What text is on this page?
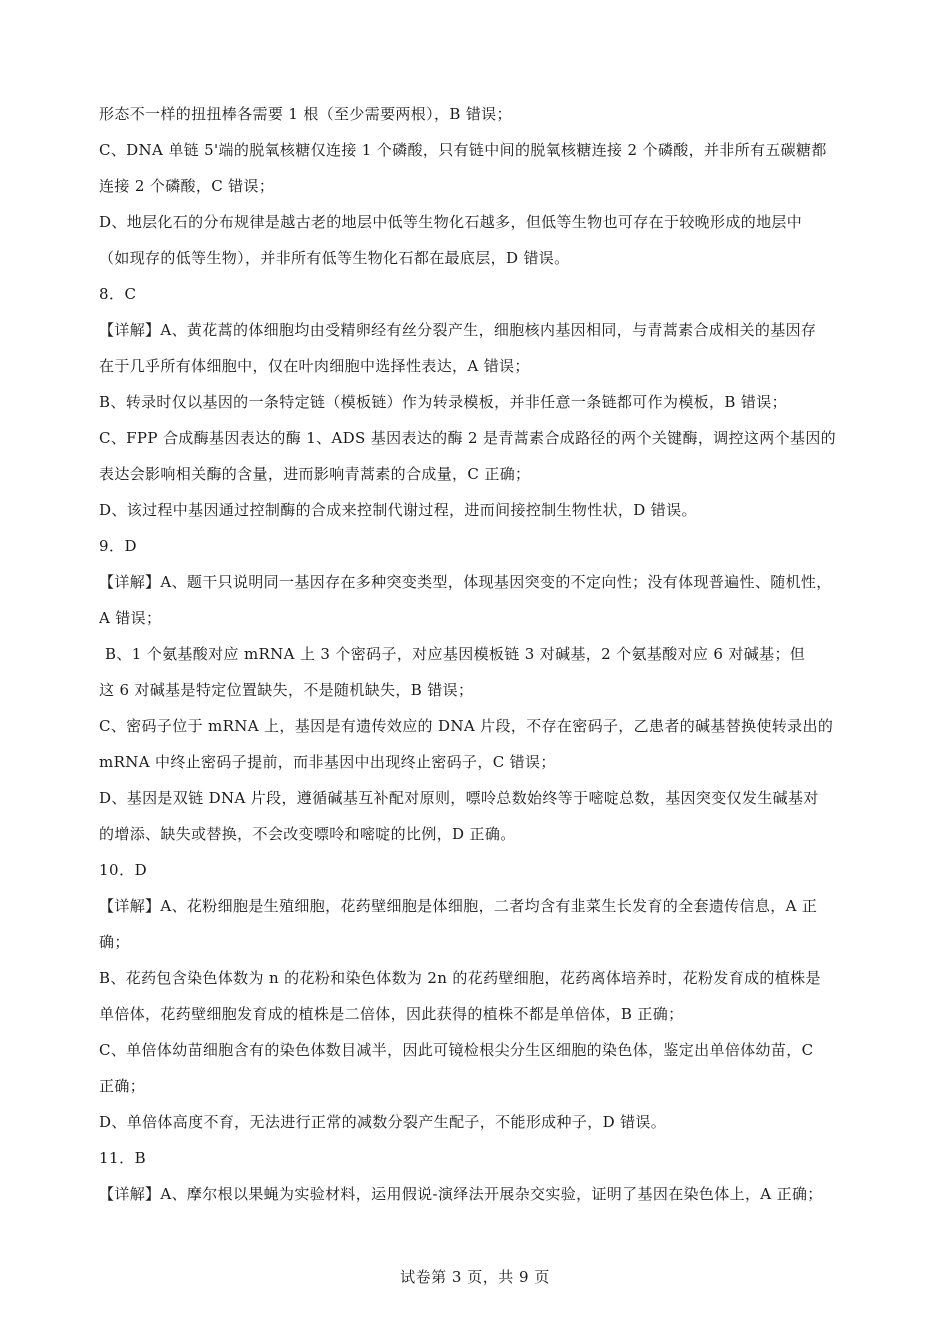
形态不一样的扭扭棒各需要 1 根（至少需要两根），B 错误；
C、DNA 单链 5'端的脱氧核糖仅连接 1 个磷酸，只有链中间的脱氧核糖连接 2 个磷酸，并非所有五碳糖都
连接 2 个磷酸，C 错误；
D、地层化石的分布规律是越古老的地层中低等生物化石越多，但低等生物也可存在于较晚形成的地层中
（如现存的低等生物），并非所有低等生物化石都在最底层，D 错误。
8．C
【详解】A、黄花蒿的体细胞均由受精卵经有丝分裂产生，细胞核内基因相同，与青蒿素合成相关的基因存
在于几乎所有体细胞中，仅在叶肉细胞中选择性表达，A 错误；
B、转录时仅以基因的一条特定链（模板链）作为转录模板，并非任意一条链都可作为模板，B 错误；
C、FPP 合成酶基因表达的酶 1、ADS 基因表达的酶 2 是青蒿素合成路径的两个关键酶，调控这两个基因的
表达会影响相关酶的含量，进而影响青蒿素的合成量，C 正确；
D、该过程中基因通过控制酶的合成来控制代谢过程，进而间接控制生物性状，D 错误。
9．D
【详解】A、题干只说明同一基因存在多种突变类型，体现基因突变的不定向性；没有体现普遍性、随机性，
A 错误；
B、1 个氨基酸对应 mRNA 上 3 个密码子，对应基因模板链 3 对碱基，2 个氨基酸对应 6 对碱基；但
这 6 对碱基是特定位置缺失，不是随机缺失，B 错误；
C、密码子位于 mRNA 上，基因是有遗传效应的 DNA 片段，不存在密码子，乙患者的碱基替换使转录出的
mRNA 中终止密码子提前，而非基因中出现终止密码子，C 错误；
D、基因是双链 DNA 片段，遵循碱基互补配对原则，嘌呤总数始终等于嘧啶总数，基因突变仅发生碱基对
的增添、缺失或替换，不会改变嘌呤和嘧啶的比例，D 正确。
10．D
【详解】A、花粉细胞是生殖细胞，花药壁细胞是体细胞，二者均含有韭菜生长发育的全套遗传信息，A 正
确；
B、花药包含染色体数为 n 的花粉和染色体数为 2n 的花药壁细胞，花药离体培养时，花粉发育成的植株是
单倍体，花药壁细胞发育成的植株是二倍体，因此获得的植株不都是单倍体，B 正确；
C、单倍体幼苗细胞含有的染色体数目减半，因此可镜检根尖分生区细胞的染色体，鉴定出单倍体幼苗，C
正确；
D、单倍体高度不育，无法进行正常的减数分裂产生配子，不能形成种子，D 错误。
11．B
【详解】A、摩尔根以果蝇为实验材料，运用假说-演绎法开展杂交实验，证明了基因在染色体上，A 正确；
试卷第 3 页，共 9 页
